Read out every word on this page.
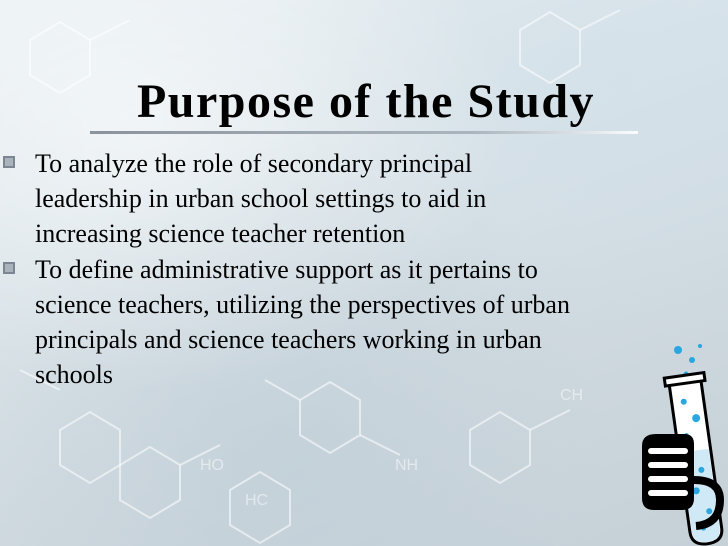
HO
HC
NH
CH
Purpose of the Study
To analyze the role of secondary principal
leadership in urban school settings to aid in
increasing science teacher retention
To define administrative support as it pertains to
science teachers, utilizing the perspectives of urban
principals and science teachers working in urban
schools
